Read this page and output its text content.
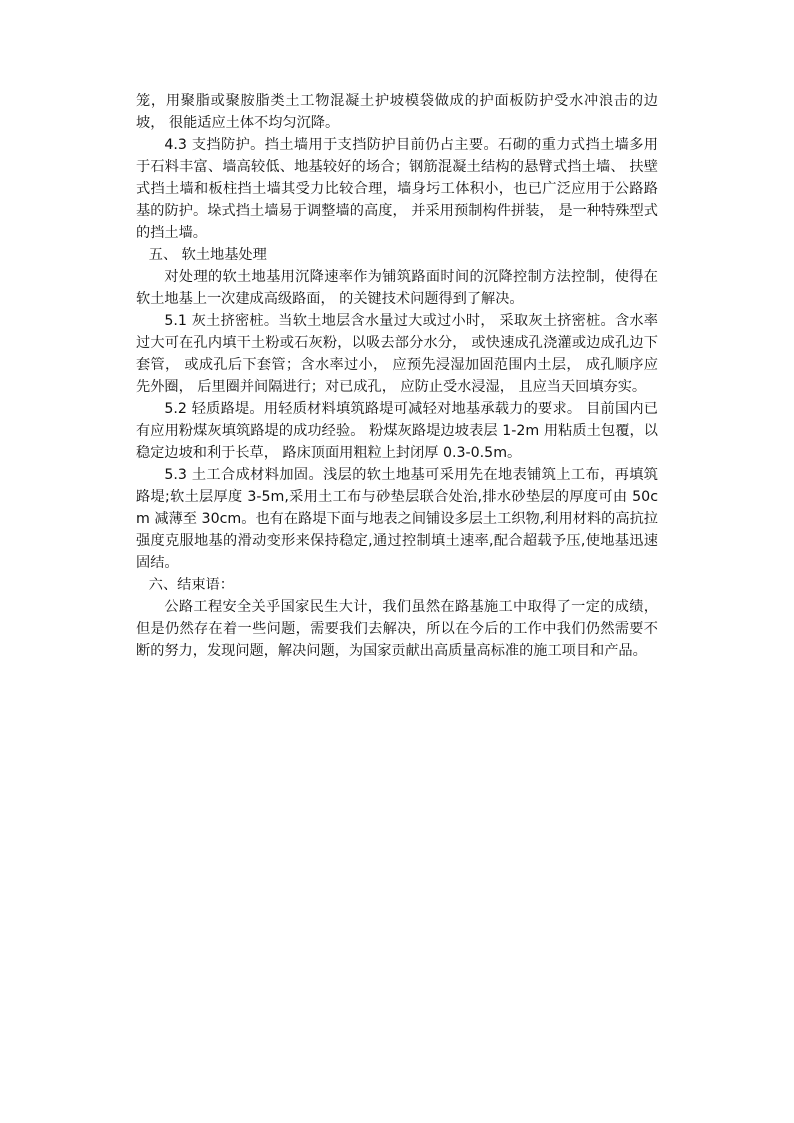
笼，用聚脂或聚胺脂类土工物混凝土护坡模袋做成的护面板防护受水冲浪击的边坡， 很能适应土体不均匀沉降。

4.3 支挡防护。挡土墙用于支挡防护目前仍占主要。石砌的重力式挡土墙多用于石料丰富、墙高较低、地基较好的场合；钢筋混凝土结构的悬臂式挡土墙、 扶壁式挡土墙和板柱挡土墙其受力比较合理，墙身圬工体积小，也已广泛应用于公路路基的防护。垛式挡土墙易于调整墙的高度， 并采用预制构件拼装， 是一种特殊型式的挡土墙。

五、 软土地基处理

对处理的软土地基用沉降速率作为铺筑路面时间的沉降控制方法控制，使得在软土地基上一次建成高级路面， 的关键技术问题得到了解决。

5.1 灰土挤密桩。当软土地层含水量过大或过小时， 采取灰土挤密桩。含水率过大可在孔内填干土粉或石灰粉，以吸去部分水分， 或快速成孔浇灌或边成孔边下套管， 或成孔后下套管；含水率过小， 应预先浸湿加固范围内土层， 成孔顺序应先外圈， 后里圈并间隔进行；对已成孔， 应防止受水浸湿， 且应当天回填夯实。

5.2 轻质路堤。用轻质材料填筑路堤可减轻对地基承载力的要求。 目前国内已有应用粉煤灰填筑路堤的成功经验。 粉煤灰路堤边坡表层 1-2m 用粘质土包覆，以稳定边坡和利于长草， 路床顶面用粗粒上封闭厚 0.3-0.5m。

5.3 土工合成材料加固。浅层的软土地基可采用先在地表铺筑上工布，再填筑路堤;软土层厚度 3-5m,采用土工布与砂垫层联合处治,排水砂垫层的厚度可由 50cm 减薄至 30cm。也有在路堤下面与地表之间铺设多层土工织物,利用材料的高抗拉强度克服地基的滑动变形来保持稳定,通过控制填土速率,配合超载予压,使地基迅速固结。

六、结束语：

公路工程安全关乎国家民生大计，我们虽然在路基施工中取得了一定的成绩，但是仍然存在着一些问题，需要我们去解决，所以在今后的工作中我们仍然需要不断的努力，发现问题，解决问题，为国家贡献出高质量高标准的施工项目和产品。
